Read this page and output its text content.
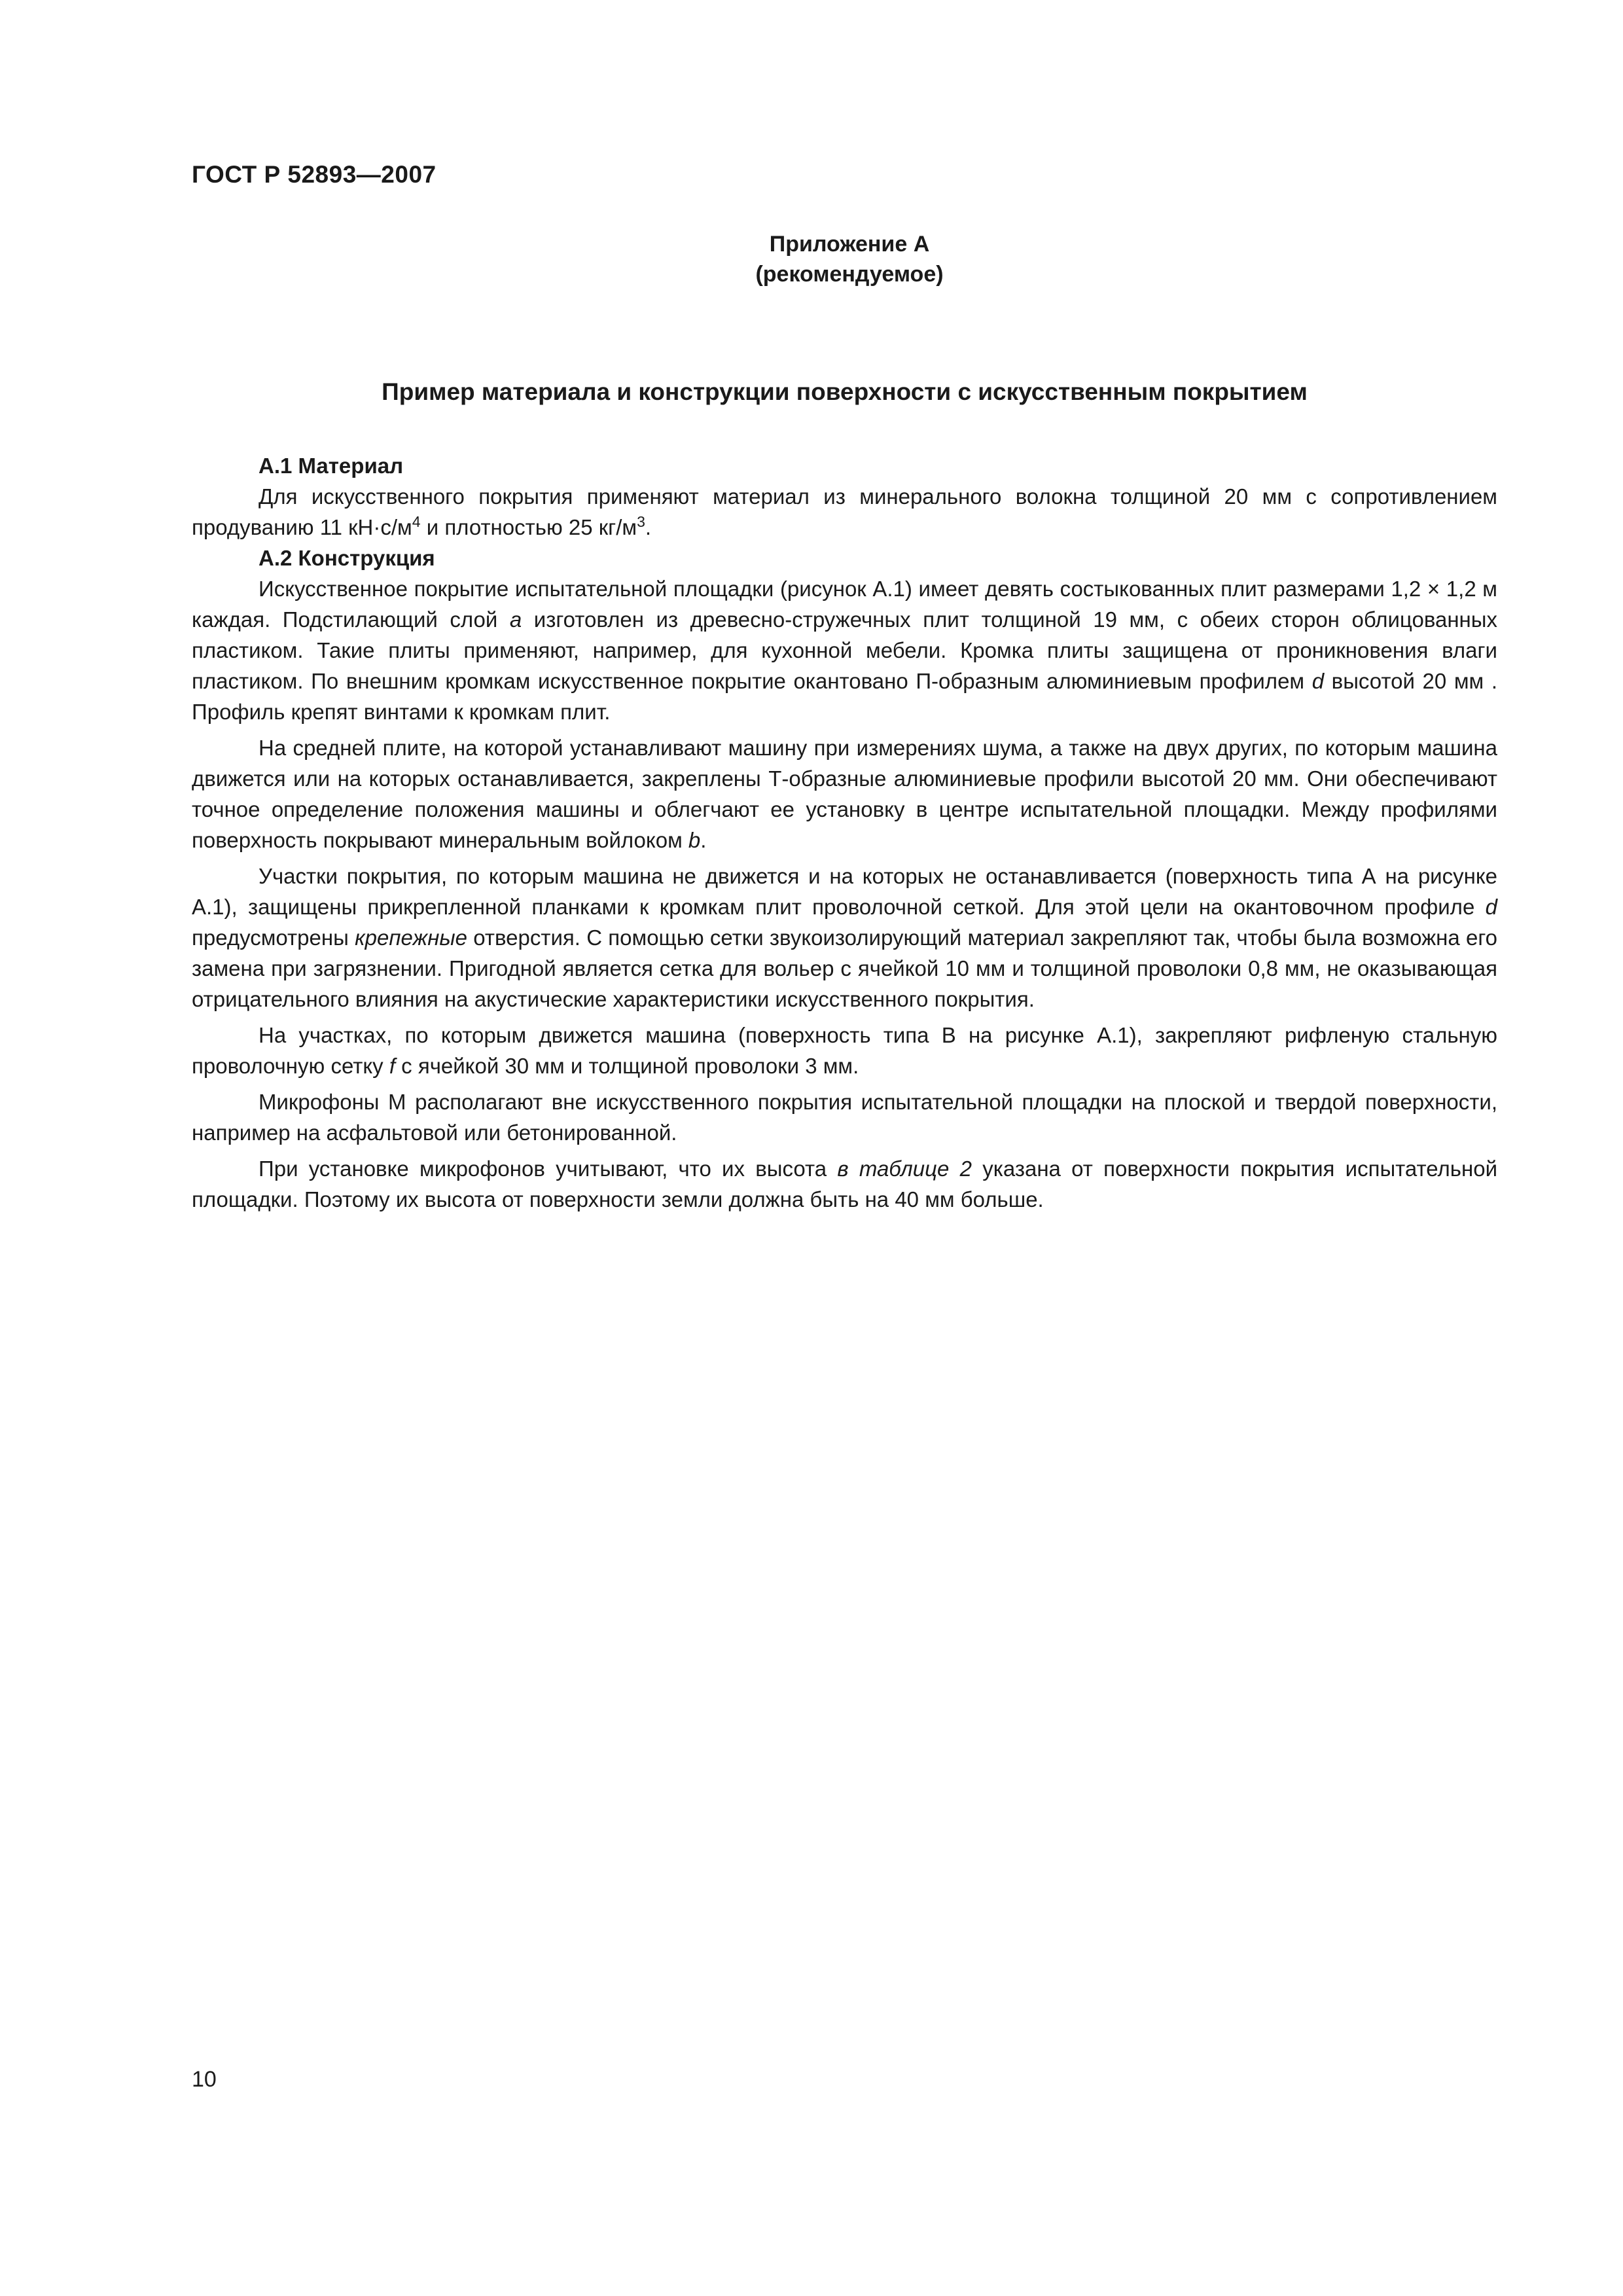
ГОСТ Р 52893—2007
Приложение А
(рекомендуемое)
Пример материала и конструкции поверхности с искусственным покрытием

А.1 Материал

Для искусственного покрытия применяют материал из минерального волокна толщиной 20 мм с сопротивлением продуванию 11 $кН\cdot с/м^4$ и плотностью 25 $кг/м^3$.

А.2 Конструкция

Искусственное покрытие испытательной площадки (рисунок А.1) имеет девять состыкованных плит размерами 1,2 × 1,2 м каждая. Подстилающий слой a изготовлен из древесно-стружечных плит толщиной 19 мм, с обеих сторон облицованных пластиком. Такие плиты применяют, например, для кухонной мебели. Кромка плиты защищена от проникновения влаги пластиком. По внешним кромкам искусственное покрытие окантовано П-образным алюминиевым профилем d высотой 20 мм . Профиль крепят винтами к кромкам плит.

На средней плите, на которой устанавливают машину при измерениях шума, а также на двух других, по которым машина движется или на которых останавливается, закреплены Т-образные алюминиевые профили высотой 20 мм. Они обеспечивают точное определение положения машины и облегчают ее установку в центре испытательной площадки. Между профилями поверхность покрывают минеральным войлоком b.

Участки покрытия, по которым машина не движется и на которых не останавливается (поверхность типа А на рисунке А.1), защищены прикрепленной планками к кромкам плит проволочной сеткой. Для этой цели на окантовочном профиле d предусмотрены крепежные отверстия. С помощью сетки звукоизолирующий материал закрепляют так, чтобы была возможна его замена при загрязнении. Пригодной является сетка для вольер с ячейкой 10 мм и толщиной проволоки 0,8 мм, не оказывающая отрицательного влияния на акустические характеристики искусственного покрытия.

На участках, по которым движется машина (поверхность типа В на рисунке А.1), закрепляют рифленую стальную проволочную сетку f с ячейкой 30 мм и толщиной проволоки 3 мм.

Микрофоны М располагают вне искусственного покрытия испытательной площадки на плоской и твердой поверхности, например на асфальтовой или бетонированной.

При установке микрофонов учитывают, что их высота в таблице 2 указана от поверхности покрытия испытательной площадки. Поэтому их высота от поверхности земли должна быть на 40 мм больше.

10
